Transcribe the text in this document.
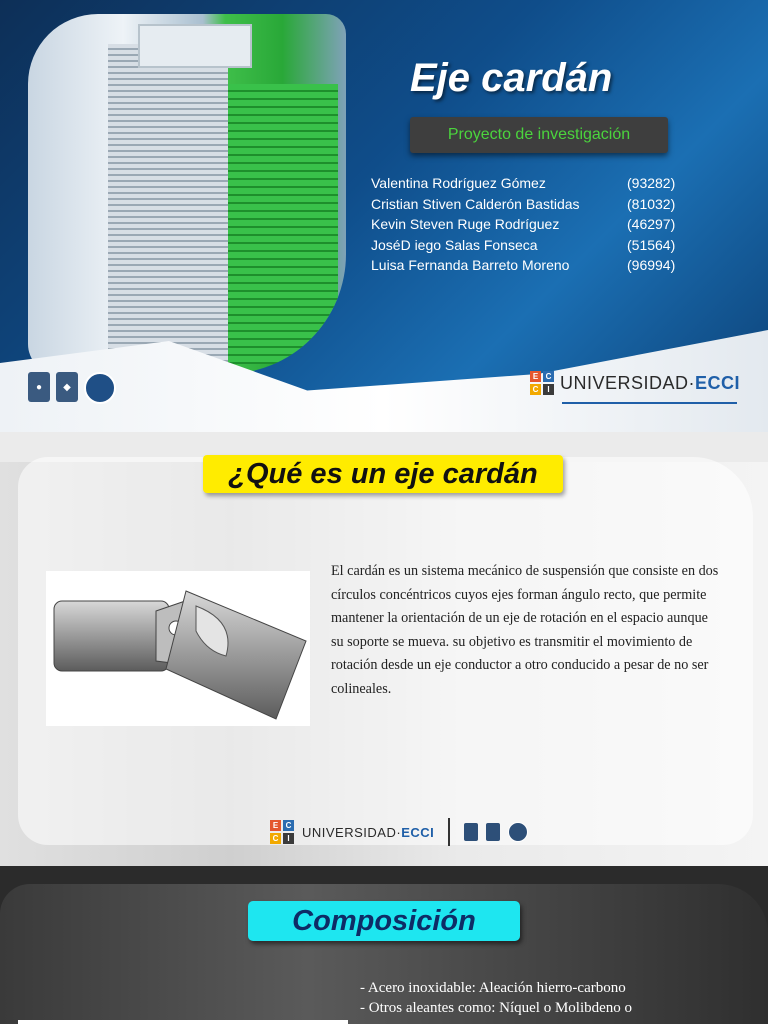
Eje cardán
Proyecto de investigación
Valentina Rodríguez Gómez	(93282)
Cristian Stiven Calderón Bastidas	(81032)
Kevin Steven Ruge Rodríguez	(46297)
JoséD iego Salas Fonseca	(51564)
Luisa Fernanda Barreto Moreno	(96994)
●	◆
E C
C	I UNIVERSIDAD·ECCI
¿Qué es un eje cardán
El cardán es un sistema mecánico de suspensión que consiste en dos círculos concéntricos cuyos ejes forman ángulo recto, que permite mantener la orientación de un eje de rotación en el espacio aunque su soporte se mueva. su objetivo es transmitir el movimiento de rotación desde un eje conductor a otro conducido a pesar de no ser colineales.
E C
C	I UNIVERSIDAD·ECCI
Composición
- Acero inoxidable: Aleación hierro-carbono
- Otros aleantes como: Níquel o Molibdeno o
